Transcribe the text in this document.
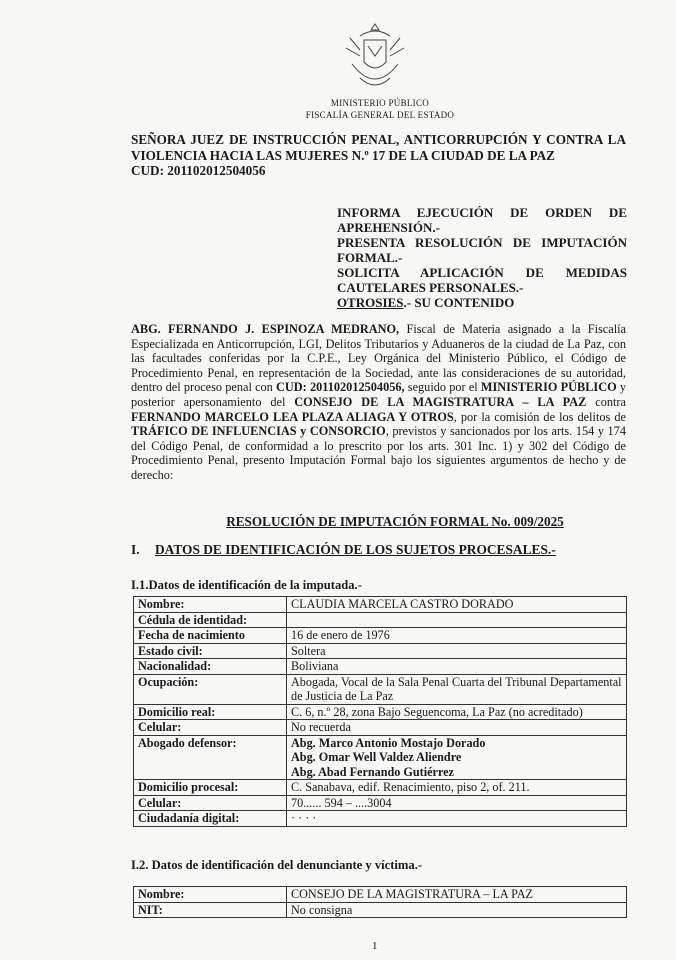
MINISTERIO PÚBLICO
FISCALÍA GENERAL DEL ESTADO
SEÑORA JUEZ DE INSTRUCCIÓN PENAL, ANTICORRUPCIÓN Y CONTRA LA VIOLENCIA HACIA LAS MUJERES N.º 17 DE LA CIUDAD DE LA PAZ
CUD: 201102012504056
INFORMA EJECUCIÓN DE ORDEN DE APREHENSIÓN.-
PRESENTA RESOLUCIÓN DE IMPUTACIÓN FORMAL.-
SOLICITA APLICACIÓN DE MEDIDAS CAUTELARES PERSONALES.-
OTROSIES.- SU CONTENIDO
ABG. FERNANDO J. ESPINOZA MEDRANO, Fiscal de Materia asignado a la Fiscalía Especializada en Anticorrupción, LGI, Delitos Tributarios y Aduaneros de la ciudad de La Paz, con las facultades conferidas por la C.P.E., Ley Orgánica del Ministerio Público, el Código de Procedimiento Penal, en representación de la Sociedad, ante las consideraciones de su autoridad, dentro del proceso penal con CUD: 201102012504056, seguido por el MINISTERIO PÚBLICO y posterior apersonamiento del CONSEJO DE LA MAGISTRATURA – LA PAZ contra FERNANDO MARCELO LEA PLAZA ALIAGA Y OTROS, por la comisión de los delitos de TRÁFICO DE INFLUENCIAS y CONSORCIO, previstos y sancionados por los arts. 154 y 174 del Código Penal, de conformidad a lo prescrito por los arts. 301 Inc. 1) y 302 del Código de Procedimiento Penal, presento Imputación Formal bajo los siguientes argumentos de hecho y de derecho:
RESOLUCIÓN DE IMPUTACIÓN FORMAL No. 009/2025
I. DATOS DE IDENTIFICACIÓN DE LOS SUJETOS PROCESALES.-
I.1.Datos de identificación de la imputada.-
Nombre:	CLAUDIA MARCELA CASTRO DORADO
Cédula de identidad:	
Fecha de nacimiento	16 de enero de 1976
Estado civil:	Soltera
Nacionalidad:	Boliviana
Ocupación:	Abogada, Vocal de la Sala Penal Cuarta del Tribunal Departamental de Justicia de La Paz
Domicilio real:	C. 6, n.º 28, zona Bajo Seguencoma, La Paz (no acreditado)
Celular:	No recuerda
Abogado defensor:	Abg. Marco Antonio Mostajo Dorado
Abg. Omar Well Valdez Aliendre
Abg. Abad Fernando Gutiérrez
Domicilio procesal:	C. Sanabava, edif. Renacimiento, piso 2, of. 211.
Celular:	70...... 594 – ....3004
Ciudadanía digital:	· · · ·
I.2. Datos de identificación del denunciante y víctima.-
Nombre:	CONSEJO DE LA MAGISTRATURA – LA PAZ
NIT:	No consigna
1
